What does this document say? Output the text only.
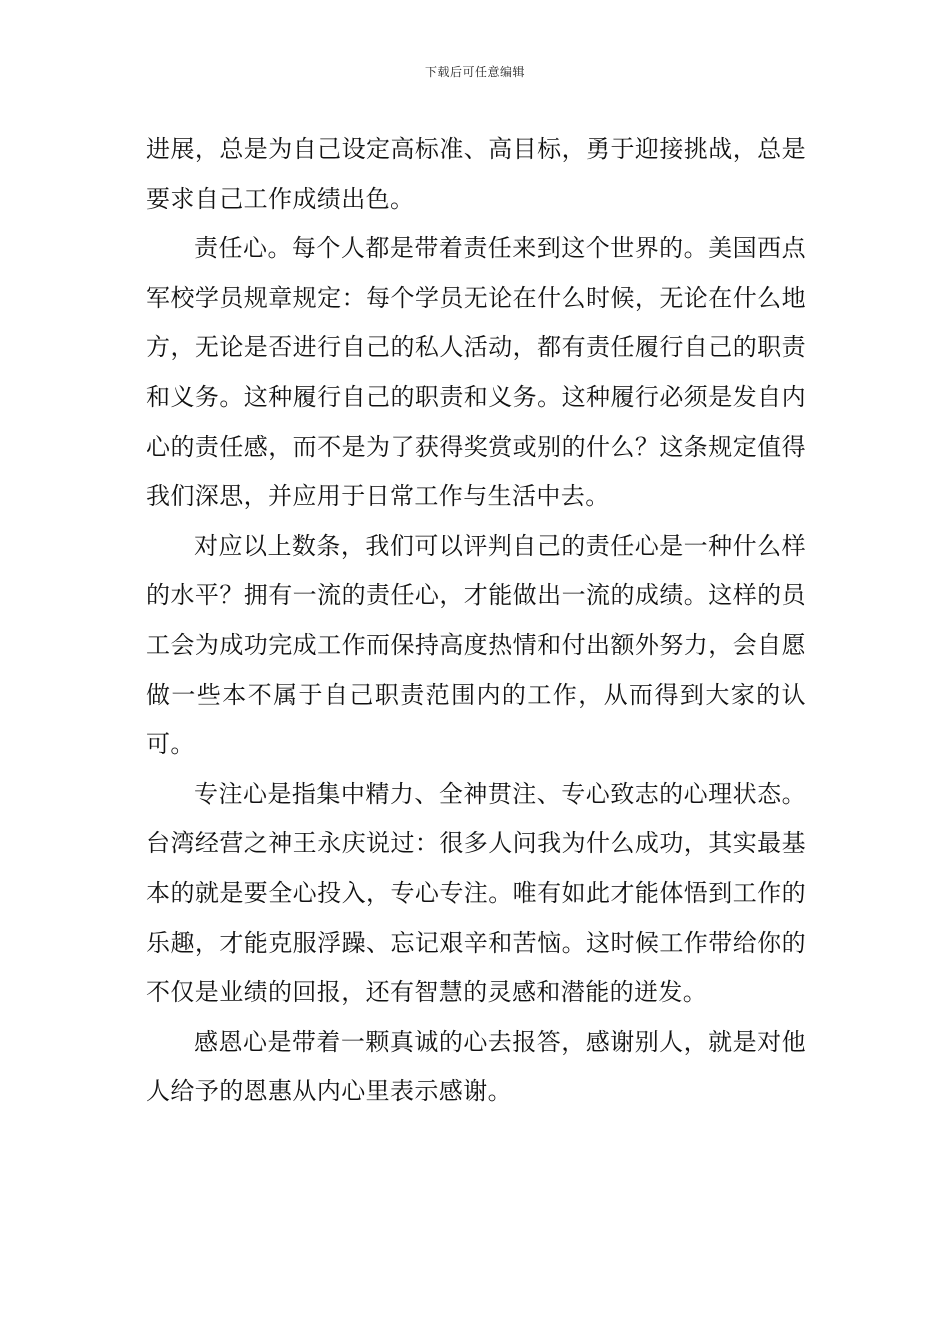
下载后可任意编辑

进展，总是为自己设定高标准、高目标，勇于迎接挑战，总是要求自己工作成绩出色。

责任心。每个人都是带着责任来到这个世界的。美国西点军校学员规章规定：每个学员无论在什么时候，无论在什么地方，无论是否进行自己的私人活动，都有责任履行自己的职责和义务。这种履行自己的职责和义务。这种履行必须是发自内心的责任感，而不是为了获得奖赏或别的什么？这条规定值得我们深思，并应用于日常工作与生活中去。

对应以上数条，我们可以评判自己的责任心是一种什么样的水平？拥有一流的责任心，才能做出一流的成绩。这样的员工会为成功完成工作而保持高度热情和付出额外努力，会自愿做一些本不属于自己职责范围内的工作，从而得到大家的认可。

专注心是指集中精力、全神贯注、专心致志的心理状态。台湾经营之神王永庆说过：很多人问我为什么成功，其实最基本的就是要全心投入，专心专注。唯有如此才能体悟到工作的乐趣，才能克服浮躁、忘记艰辛和苦恼。这时候工作带给你的不仅是业绩的回报，还有智慧的灵感和潜能的迸发。

感恩心是带着一颗真诚的心去报答，感谢别人，就是对他人给予的恩惠从内心里表示感谢。
